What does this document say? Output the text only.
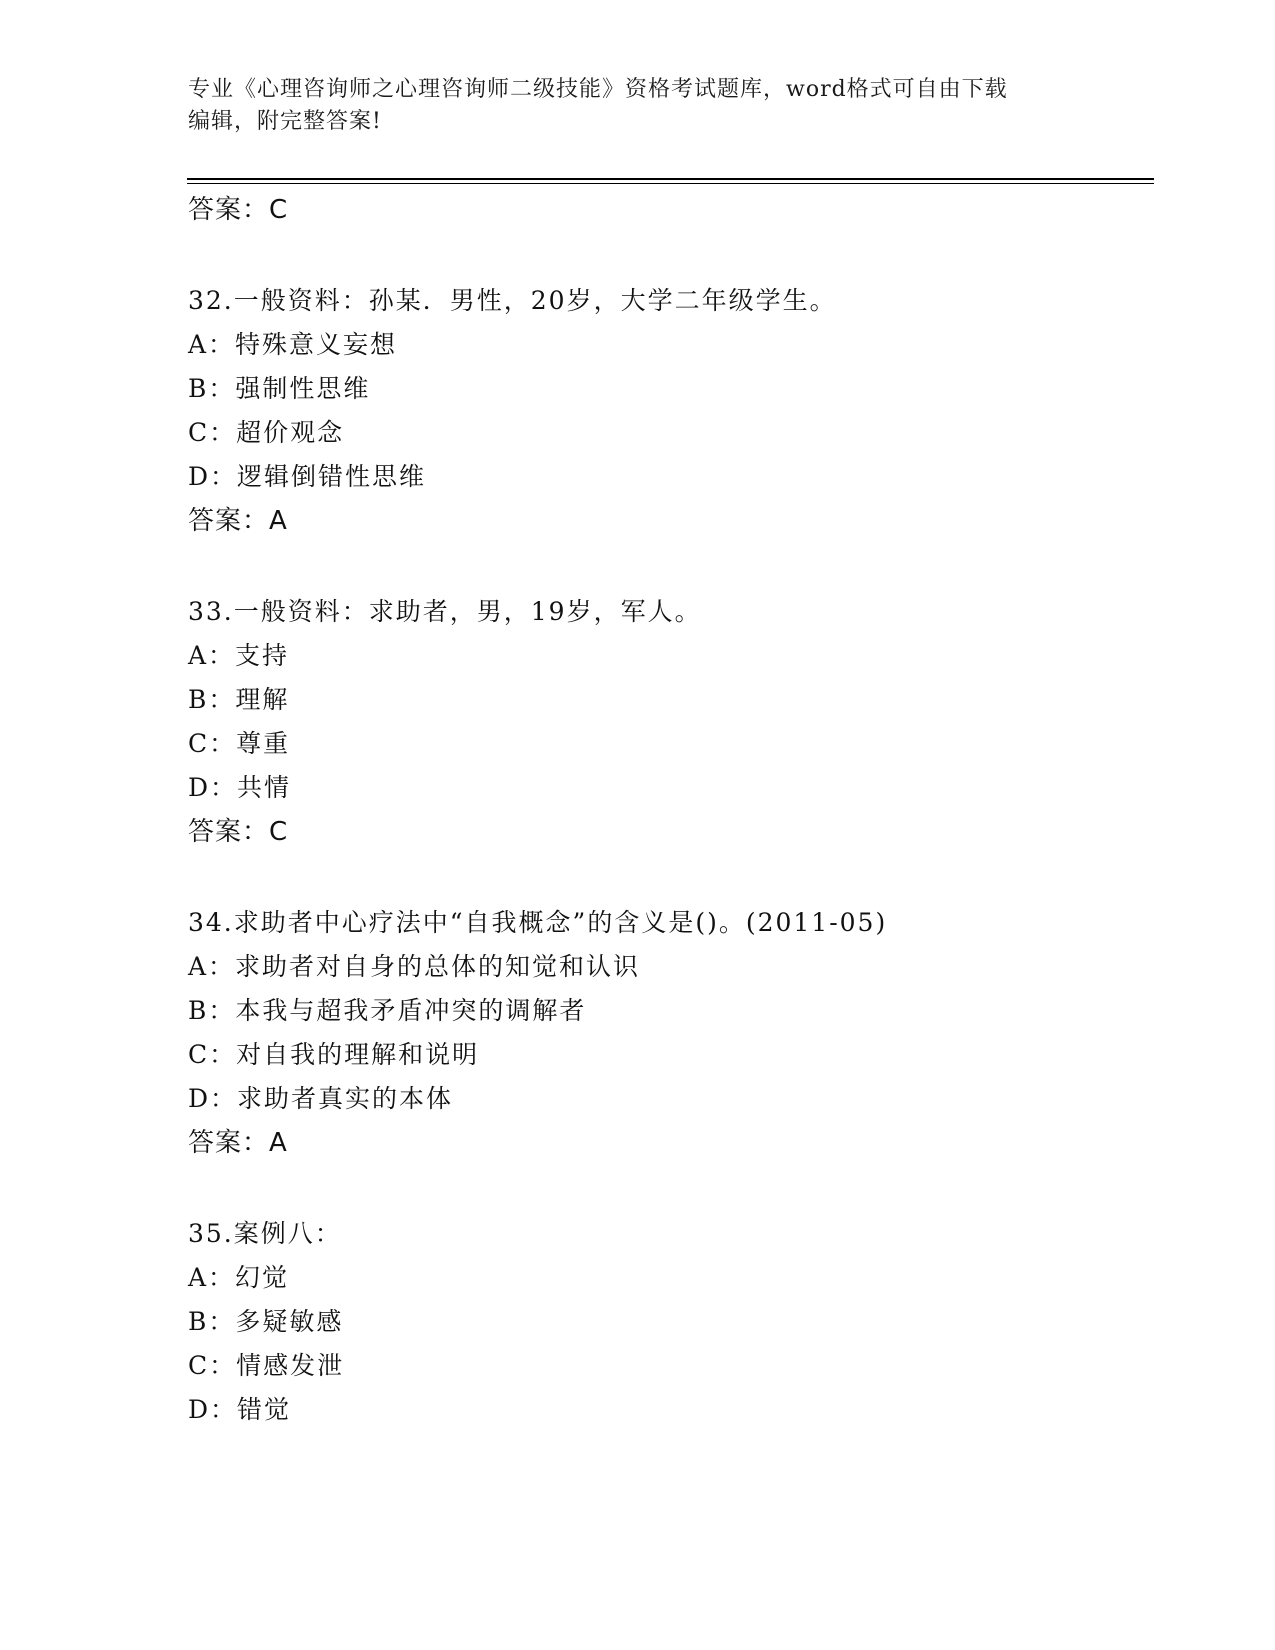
专业《心理咨询师之心理咨询师二级技能》资格考试题库，word格式可自由下载
编辑，附完整答案!
答案：C
32.一般资料：孙某．男性，20岁，大学二年级学生。
A：特殊意义妄想
B：强制性思维
C：超价观念
D：逻辑倒错性思维
答案：A
33.一般资料：求助者，男，19岁，军人。
A：支持
B：理解
C：尊重
D：共情
答案：C
34.求助者中心疗法中“自我概念”的含义是()。(2011-05)
A：求助者对自身的总体的知觉和认识
B：本我与超我矛盾冲突的调解者
C：对自我的理解和说明
D：求助者真实的本体
答案：A
35.案例八：
A：幻觉
B：多疑敏感
C：情感发泄
D：错觉
